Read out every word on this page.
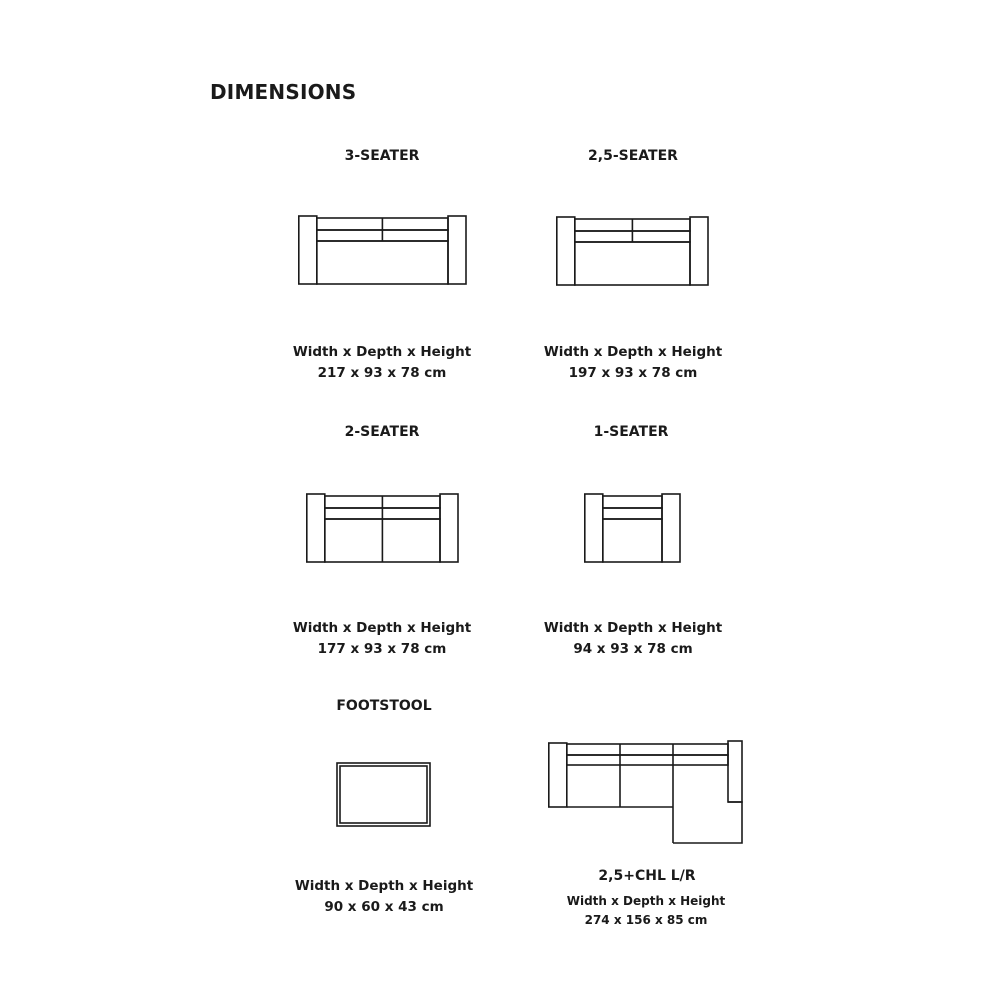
DIMENSIONS
3-SEATER
Width x Depth x Height
217 x 93 x 78 cm
2,5-SEATER
Width x Depth x Height
197 x 93 x 78 cm
2-SEATER
Width x Depth x Height
177 x 93 x 78 cm
1-SEATER
Width x Depth x Height
94 x 93 x 78 cm
FOOTSTOOL
Width x Depth x Height
90 x 60 x 43 cm
2,5+CHL L/R
Width x Depth x Height
274 x 156 x 85 cm
